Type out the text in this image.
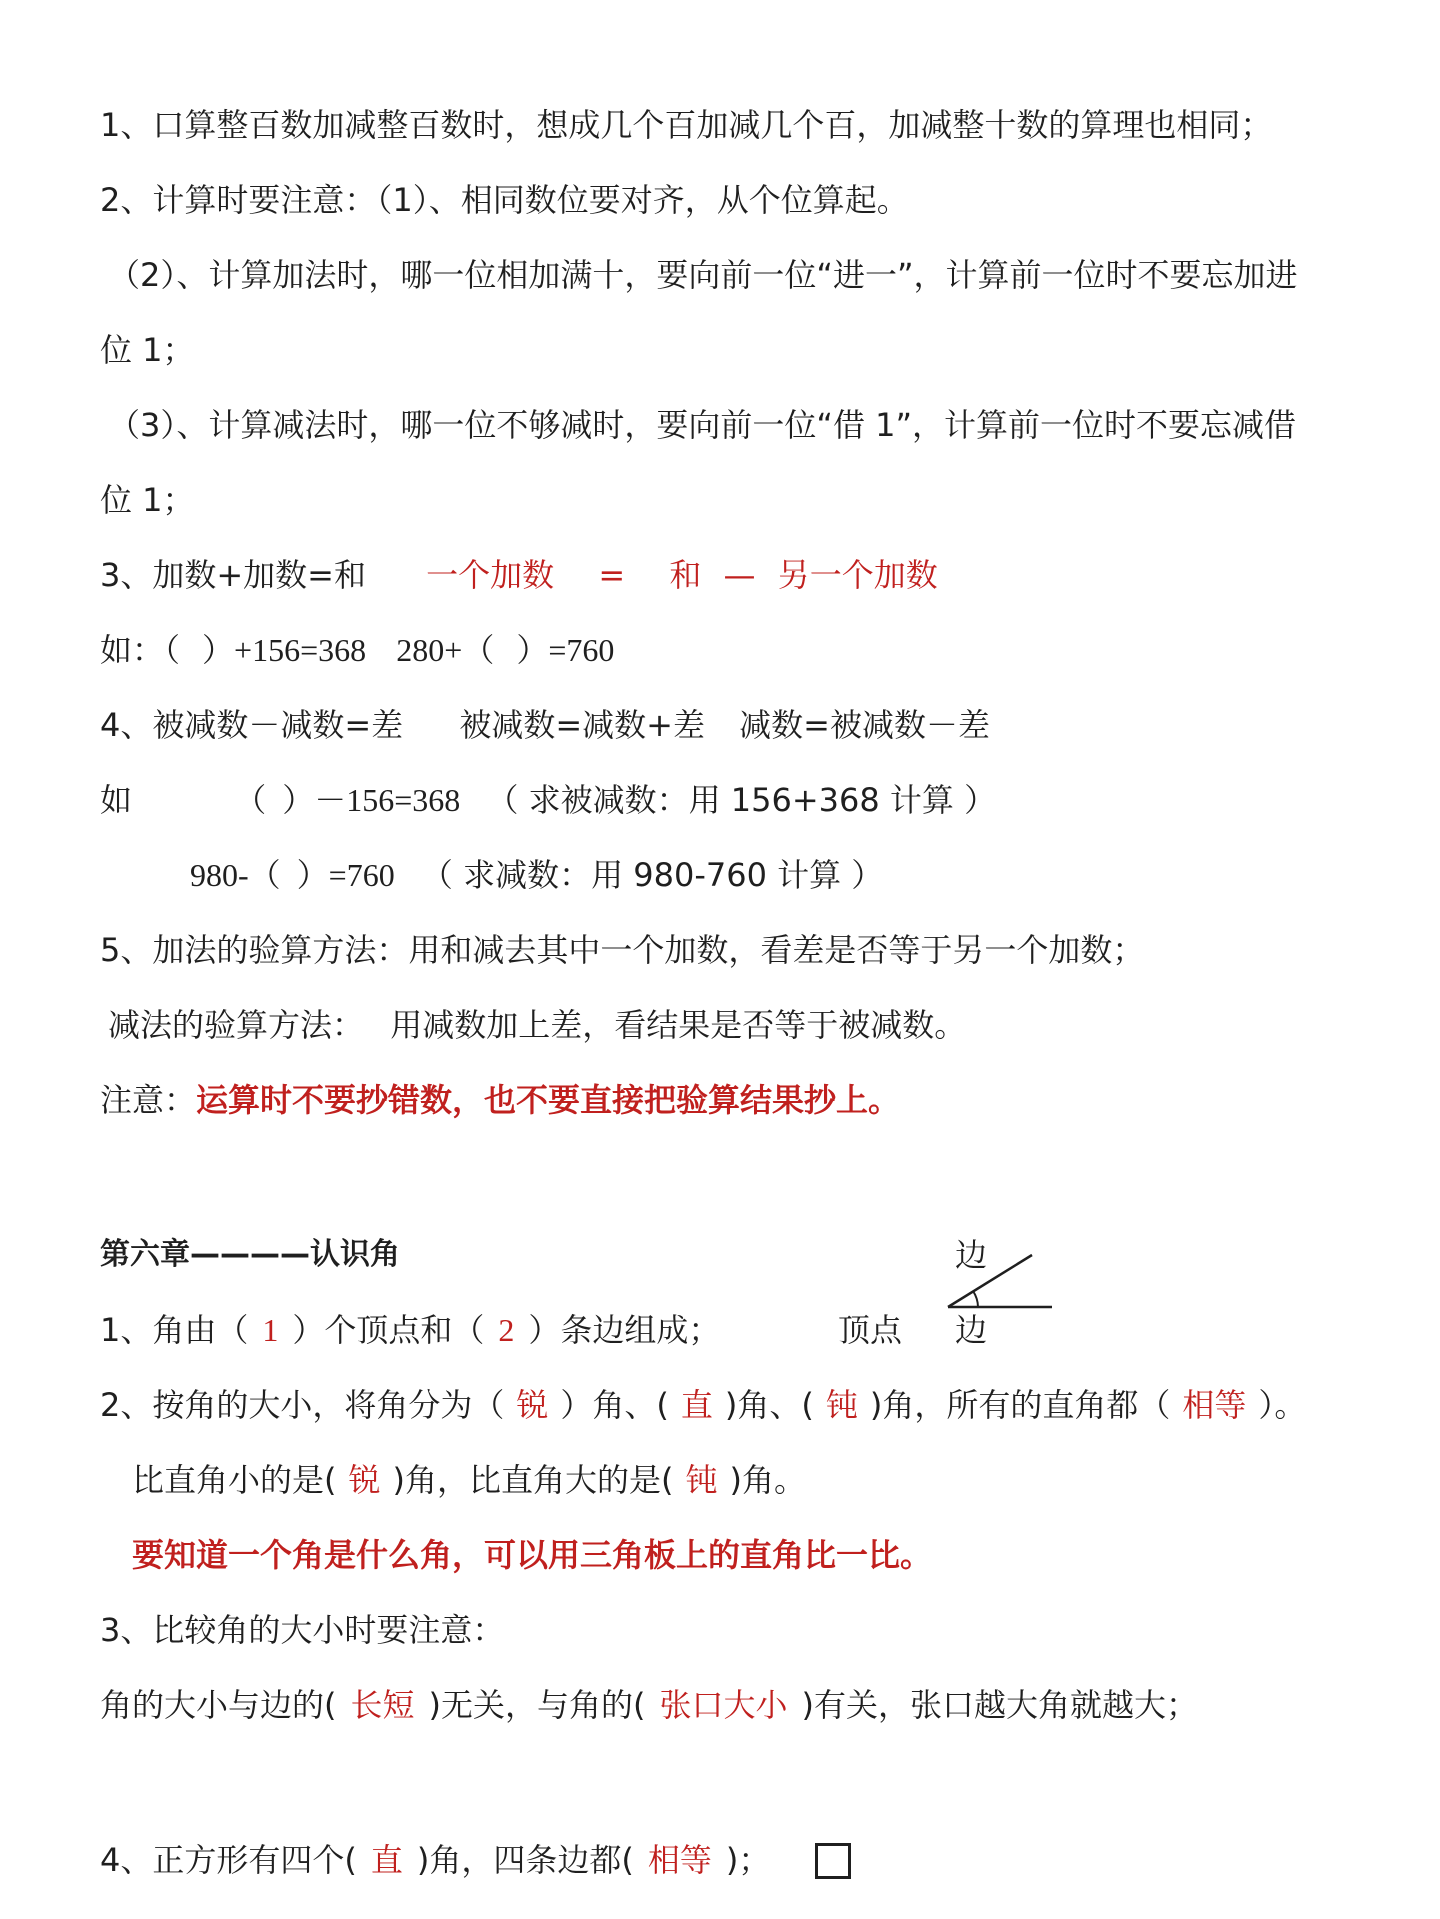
1、口算整百数加减整百数时，想成几个百加减几个百，加减整十数的算理也相同；
2、计算时要注意：（1）、相同数位要对齐，从个位算起。
（2）、计算加法时，哪一位相加满十，要向前一位“进一”，计算前一位时不要忘加进
位 1；
（3）、计算减法时，哪一位不够减时，要向前一位“借 1”，计算前一位时不要忘减借
位 1；
3、加数+加数=和 一个加数 = 和 — 另一个加数
如：（ ）+156=368 280+（ ）=760
4、被减数－减数=差 被减数=减数+差 减数=被减数－差
如	（ ）－156=368 （ 求被减数：用 156+368 计算 ）
980-（ ）=760 （ 求减数：用 980-760 计算 ）
5、加法的验算方法：用和减去其中一个加数，看差是否等于另一个加数；
减法的验算方法： 用减数加上差，看结果是否等于被减数。
注意：运算时不要抄错数，也不要直接把验算结果抄上。
第六章————认识角	边
顶点 边
1、角由（ 1 ）个顶点和（ 2 ）条边组成；
2、按角的大小，将角分为（ 锐 ）角、( 直 )角、( 钝 )角，所有的直角都（ 相等 ）。
比直角小的是( 锐 )角，比直角大的是( 钝 )角。
要知道一个角是什么角，可以用三角板上的直角比一比。
3、比较角的大小时要注意：
角的大小与边的( 长短 )无关，与角的( 张口大小 )有关，张口越大角就越大；
4、正方形有四个( 直 )角，四条边都( 相等 )；
